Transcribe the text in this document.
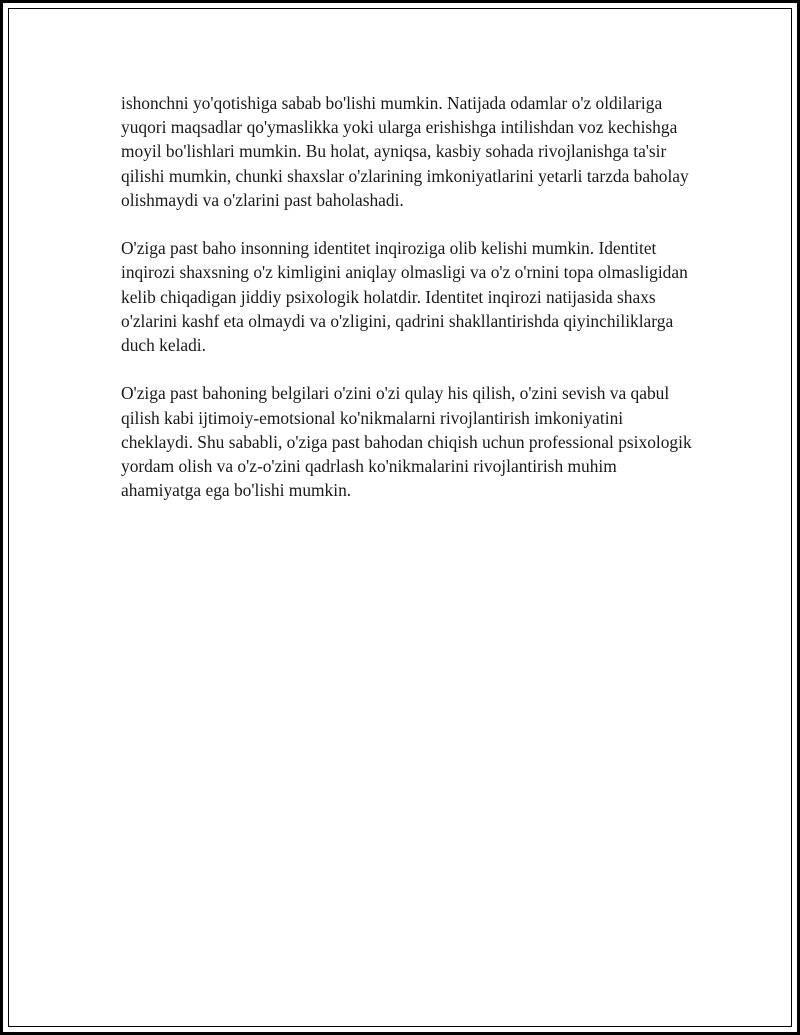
ishonchni yo'qotishiga sabab bo'lishi mumkin. Natijada odamlar o'z oldilariga yuqori maqsadlar qo'ymaslikka yoki ularga erishishga intilishdan voz kechishga moyil bo'lishlari mumkin. Bu holat, ayniqsa, kasbiy sohada rivojlanishga ta'sir qilishi mumkin, chunki shaxslar o'zlarining imkoniyatlarini yetarli tarzda baholay olishmaydi va o'zlarini past baholashadi.

O'ziga past baho insonning identitet inqiroziga olib kelishi mumkin. Identitet inqirozi shaxsning o'z kimligini aniqlay olmasligi va o'z o'rnini topa olmasligidan kelib chiqadigan jiddiy psixologik holatdir. Identitet inqirozi natijasida shaxs o'zlarini kashf eta olmaydi va o'zligini, qadrini shakllantirishda qiyinchiliklarga duch keladi.

O'ziga past bahoning belgilari o'zini o'zi qulay his qilish, o'zini sevish va qabul qilish kabi ijtimoiy-emotsional ko'nikmalarni rivojlantirish imkoniyatini cheklaydi. Shu sababli, o'ziga past bahodan chiqish uchun professional psixologik yordam olish va o'z-o'zini qadrlash ko'nikmalarini rivojlantirish muhim ahamiyatga ega bo'lishi mumkin.
